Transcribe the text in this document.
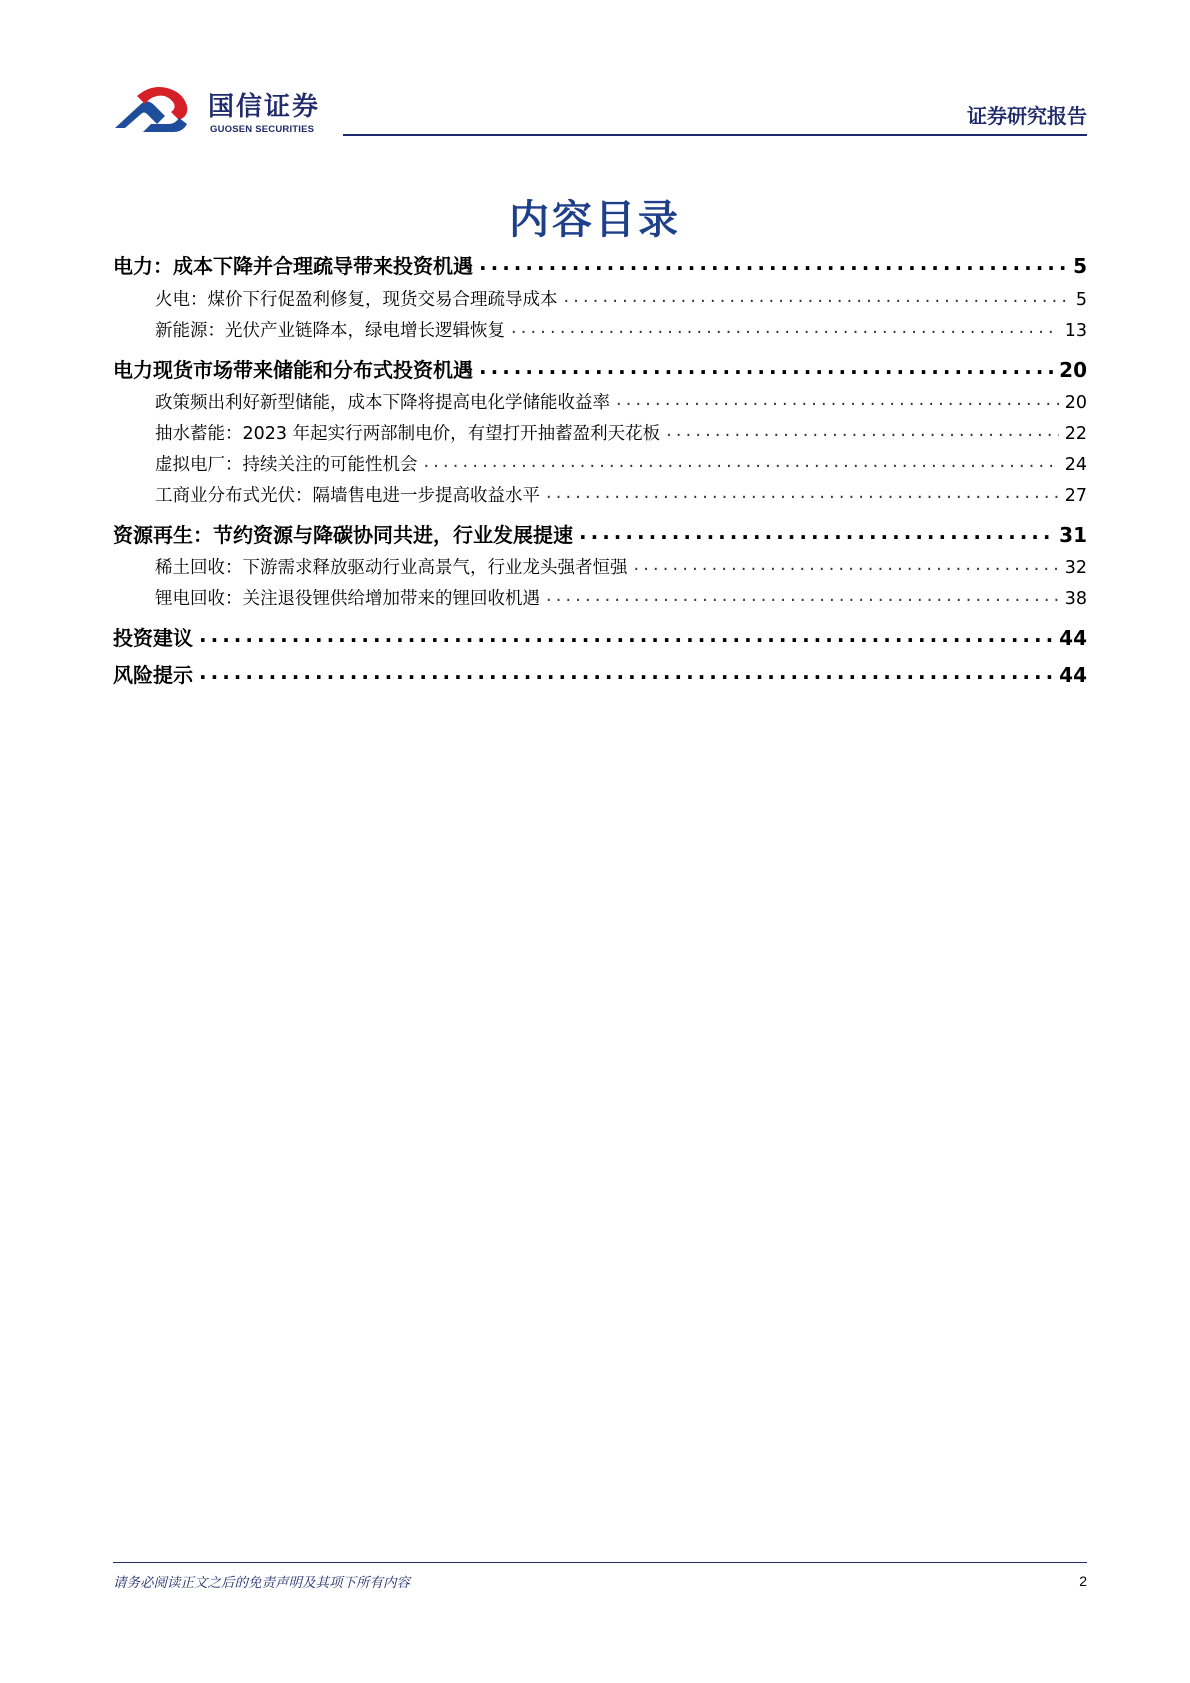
国信证券
GUOSEN SECURITIES
证券研究报告
内容目录
电力：成本下降并合理疏导带来投资机遇 .....	5
火电：煤价下行促盈利修复，现货交易合理疏导成本 .....	5
新能源：光伏产业链降本，绿电增长逻辑恢复 .....	13
电力现货市场带来储能和分布式投资机遇 .....	20
政策频出利好新型储能，成本下降将提高电化学储能收益率 .....	20
抽水蓄能：2023 年起实行两部制电价，有望打开抽蓄盈利天花板 .....	22
虚拟电厂：持续关注的可能性机会 .....	24
工商业分布式光伏：隔墙售电进一步提高收益水平 .....	27
资源再生：节约资源与降碳协同共进，行业发展提速 .....	31
稀土回收：下游需求释放驱动行业高景气，行业龙头强者恒强 .....	32
锂电回收：关注退役锂供给增加带来的锂回收机遇 .....	38
投资建议 .....	44
风险提示 .....	44
请务必阅读正文之后的免责声明及其项下所有内容	2
